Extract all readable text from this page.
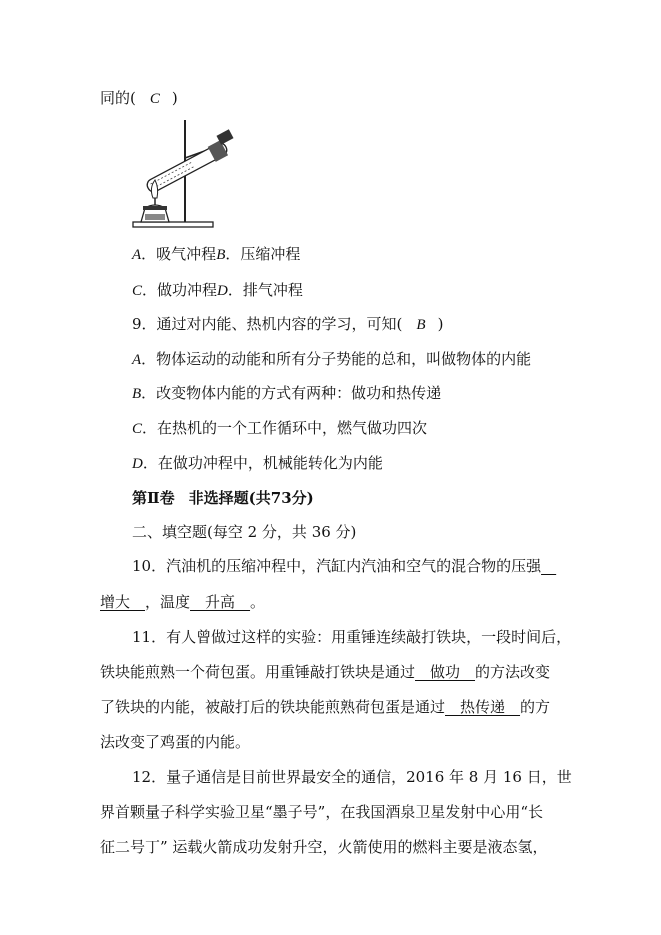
同的( C )
A．吸气冲程B．压缩冲程
C．做功冲程D．排气冲程
9．通过对内能、热机内容的学习，可知( B )
A．物体运动的动能和所有分子势能的总和，叫做物体的内能
B．改变物体内能的方式有两种：做功和热传递
C．在热机的一个工作循环中，燃气做功四次
D．在做功冲程中，机械能转化为内能
第Ⅱ卷 非选择题(共73分)
二、填空题(每空 2 分，共 36 分)
10．汽油机的压缩冲程中，汽缸内汽油和空气的混合物的压强__
增大__，温度__升高__。
11．有人曾做过这样的实验：用重锤连续敲打铁块，一段时间后，
铁块能煎熟一个荷包蛋。用重锤敲打铁块是通过__做功__的方法改变
了铁块的内能，被敲打后的铁块能煎熟荷包蛋是通过__热传递__的方
法改变了鸡蛋的内能。
12．量子通信是目前世界最安全的通信，2016 年 8 月 16 日，世
界首颗量子科学实验卫星“墨子号”，在我国酒泉卫星发射中心用“长
征二号丁” 运载火箭成功发射升空，火箭使用的燃料主要是液态氢，
